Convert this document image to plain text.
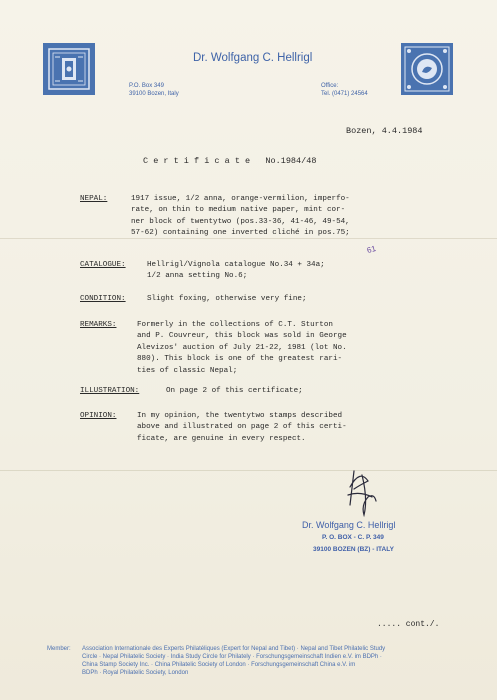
Dr. Wolfgang C. Hellrigl
P.O. Box 349
39100 Bozen, Italy
Office:
Tel. (0471) 24564
Bozen, 4.4.1984
C e r t i f i c a t e   No.1984/48
NEPAL:	1917 issue, 1/2 anna, orange-vermilion, imperfo-
rate, on thin to medium native paper, mint cor-
ner block of twentytwo (pos.33-36, 41-46, 49-54,
57-62) containing one inverted cliché in pos.75;
61
CATALOGUE:	Hellrigl/Vignola catalogue No.34 + 34a;
1/2 anna setting No.6;
CONDITION:	Slight foxing, otherwise very fine;
REMARKS:	Formerly in the collections of C.T. Sturton
and P. Couvreur, this block was sold in George
Alevizos' auction of July 21-22, 1981 (lot No.
880). This block is one of the greatest rari-
ties of classic Nepal;
ILLUSTRATION:	On page 2 of this certificate;
OPINION:	In my opinion, the twentytwo stamps described
above and illustrated on page 2 of this certi-
ficate, are genuine in every respect.
Dr. Wolfgang C. Hellrigl
P. O. BOX - C. P. 349
39100 BOZEN (BZ) - ITALY
..... cont./.
Member: Association Internationale des Experts Philatéliques (Expert for Nepal and Tibet) · Nepal and Tibet Philatelic Study
Circle · Nepal Philatelic Society · India Study Circle for Philately · Forschungsgemeinschaft Indien e.V. im BDPh ·
China Stamp Society Inc. · China Philatelic Society of London · Forschungsgemeinschaft China e.V. im
BDPh · Royal Philatelic Society, London
